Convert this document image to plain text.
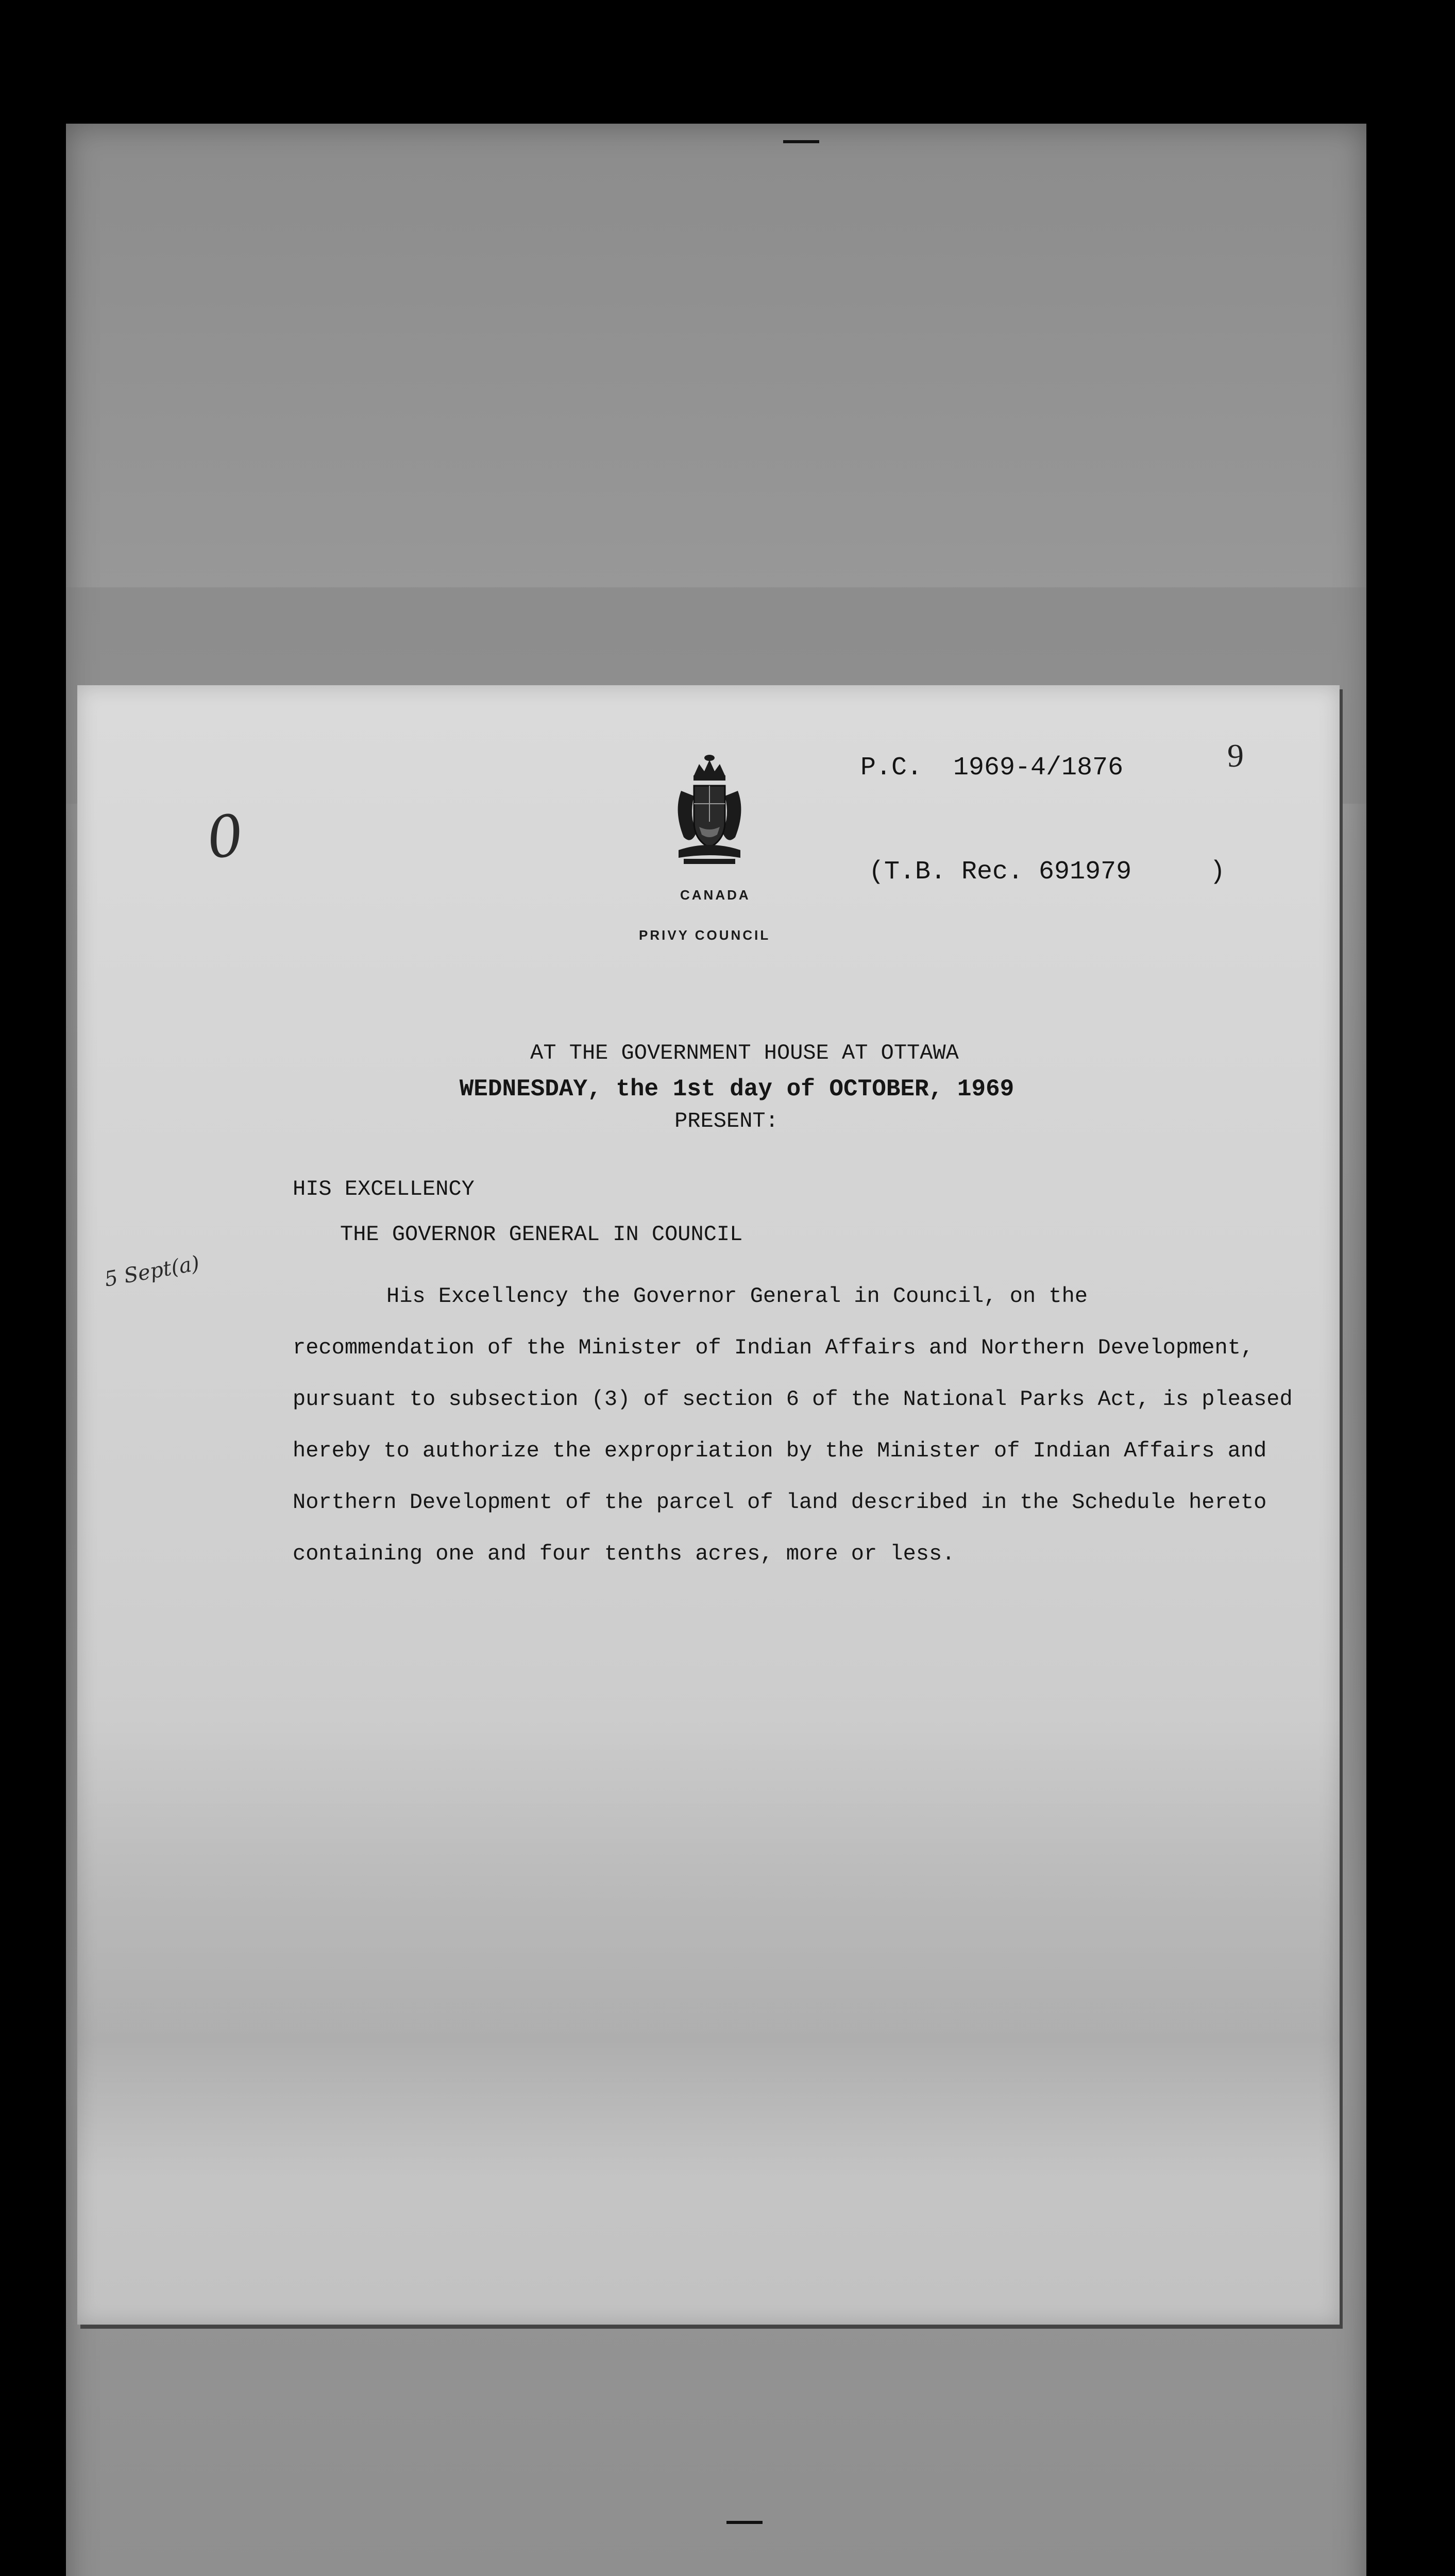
0
CANADA
PRIVY COUNCIL
P.C.  1969-4/1876
(T.B. Rec. 691979	)
9
AT THE GOVERNMENT HOUSE AT OTTAWA
WEDNESDAY, the 1st day of OCTOBER, 1969
PRESENT:
HIS EXCELLENCY
THE GOVERNOR GENERAL IN COUNCIL
5 Sept(a)
His Excellency the Governor General in Council, on the
recommendation of the Minister of Indian Affairs and Northern Development,
pursuant to subsection (3) of section 6 of the National Parks Act, is pleased
hereby to authorize the expropriation by the Minister of Indian Affairs and
Northern Development of the parcel of land described in the Schedule hereto
containing one and four tenths acres, more or less.
